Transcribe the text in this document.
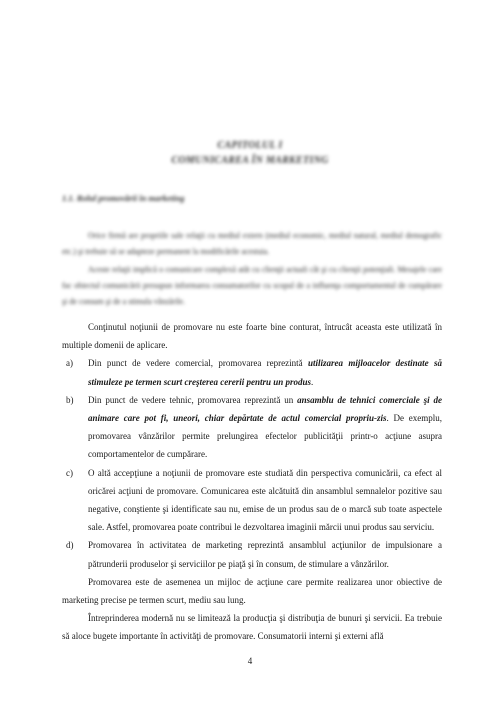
CAPITOLUL I
COMUNICAREA ÎN MARKETING
1.1. Rolul promovării în marketing

Orice firmă are propriile sale relaţii cu mediul extern (mediul economic, mediul natural, mediul demografic etc.) şi trebuie să se adapteze permanent la modificările acestuia.

Aceste relaţii implică o comunicare complexă atât cu clienţii actuali cât şi cu clienţii potenţiali. Mesajele care fac obiectul comunicării presupun informarea consumatorilor cu scopul de a influenţa comportamentul de cumpărare şi de consum şi de a stimula vânzările.

Conţinutul noţiunii de promovare nu este foarte bine conturat, întrucât aceasta este utilizată în multiple domenii de aplicare.

a) Din punct de vedere comercial, promovarea reprezintă utilizarea mijloacelor destinate să stimuleze pe termen scurt creşterea cererii pentru un produs.
b) Din punct de vedere tehnic, promovarea reprezintă un ansamblu de tehnici comerciale şi de animare care pot fi, uneori, chiar depărtate de actul comercial propriu-zis. De exemplu, promovarea vânzărilor permite prelungirea efectelor publicităţii printr-o acţiune asupra comportamentelor de cumpărare.
c) O altă accepţiune a noţiunii de promovare este studiată din perspectiva comunicării, ca efect al oricărei acţiuni de promovare. Comunicarea este alcătuită din ansamblul semnalelor pozitive sau negative, conştiente şi identificate sau nu, emise de un produs sau de o marcă sub toate aspectele sale. Astfel, promovarea poate contribui le dezvoltarea imaginii mărcii unui produs sau serviciu.
d) Promovarea în activitatea de marketing reprezintă ansamblul acţiunilor de impulsionare a pătrunderii produselor şi serviciilor pe piaţă şi în consum, de stimulare a vânzărilor.

Promovarea este de asemenea un mijloc de acţiune care permite realizarea unor obiective de marketing precise pe termen scurt, mediu sau lung.

Întreprinderea modernă nu se limitează la producţia şi distribuţia de bunuri şi servicii. Ea trebuie să aloce bugete importante în activităţi de promovare. Consumatorii interni şi externi află

4
